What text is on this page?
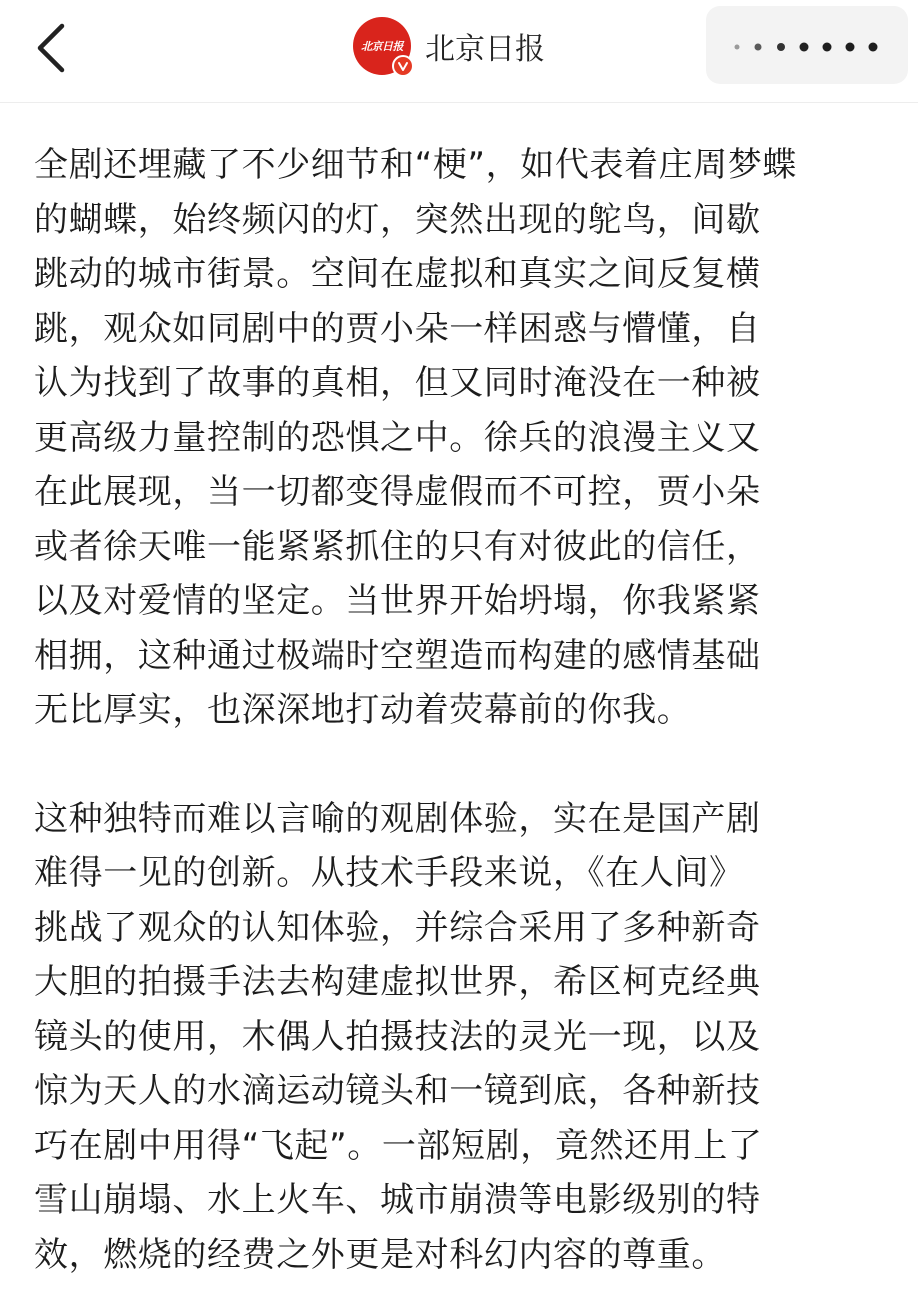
北京日报 北京日报

全剧还埋藏了不少细节和“梗”，如代表着庄周梦蝶
的蝴蝶，始终频闪的灯，突然出现的鸵鸟，间歇
跳动的城市街景。空间在虚拟和真实之间反复横
跳，观众如同剧中的贾小朵一样困惑与懵懂，自
认为找到了故事的真相，但又同时淹没在一种被
更高级力量控制的恐惧之中。徐兵的浪漫主义又
在此展现，当一切都变得虚假而不可控，贾小朵
或者徐天唯一能紧紧抓住的只有对彼此的信任，
以及对爱情的坚定。当世界开始坍塌，你我紧紧
相拥，这种通过极端时空塑造而构建的感情基础
无比厚实，也深深地打动着荧幕前的你我。

这种独特而难以言喻的观剧体验，实在是国产剧
难得一见的创新。从技术手段来说，《在人间》
挑战了观众的认知体验，并综合采用了多种新奇
大胆的拍摄手法去构建虚拟世界，希区柯克经典
镜头的使用，木偶人拍摄技法的灵光一现，以及
惊为天人的水滴运动镜头和一镜到底，各种新技
巧在剧中用得“飞起”。一部短剧，竟然还用上了
雪山崩塌、水上火车、城市崩溃等电影级别的特
效，燃烧的经费之外更是对科幻内容的尊重。
